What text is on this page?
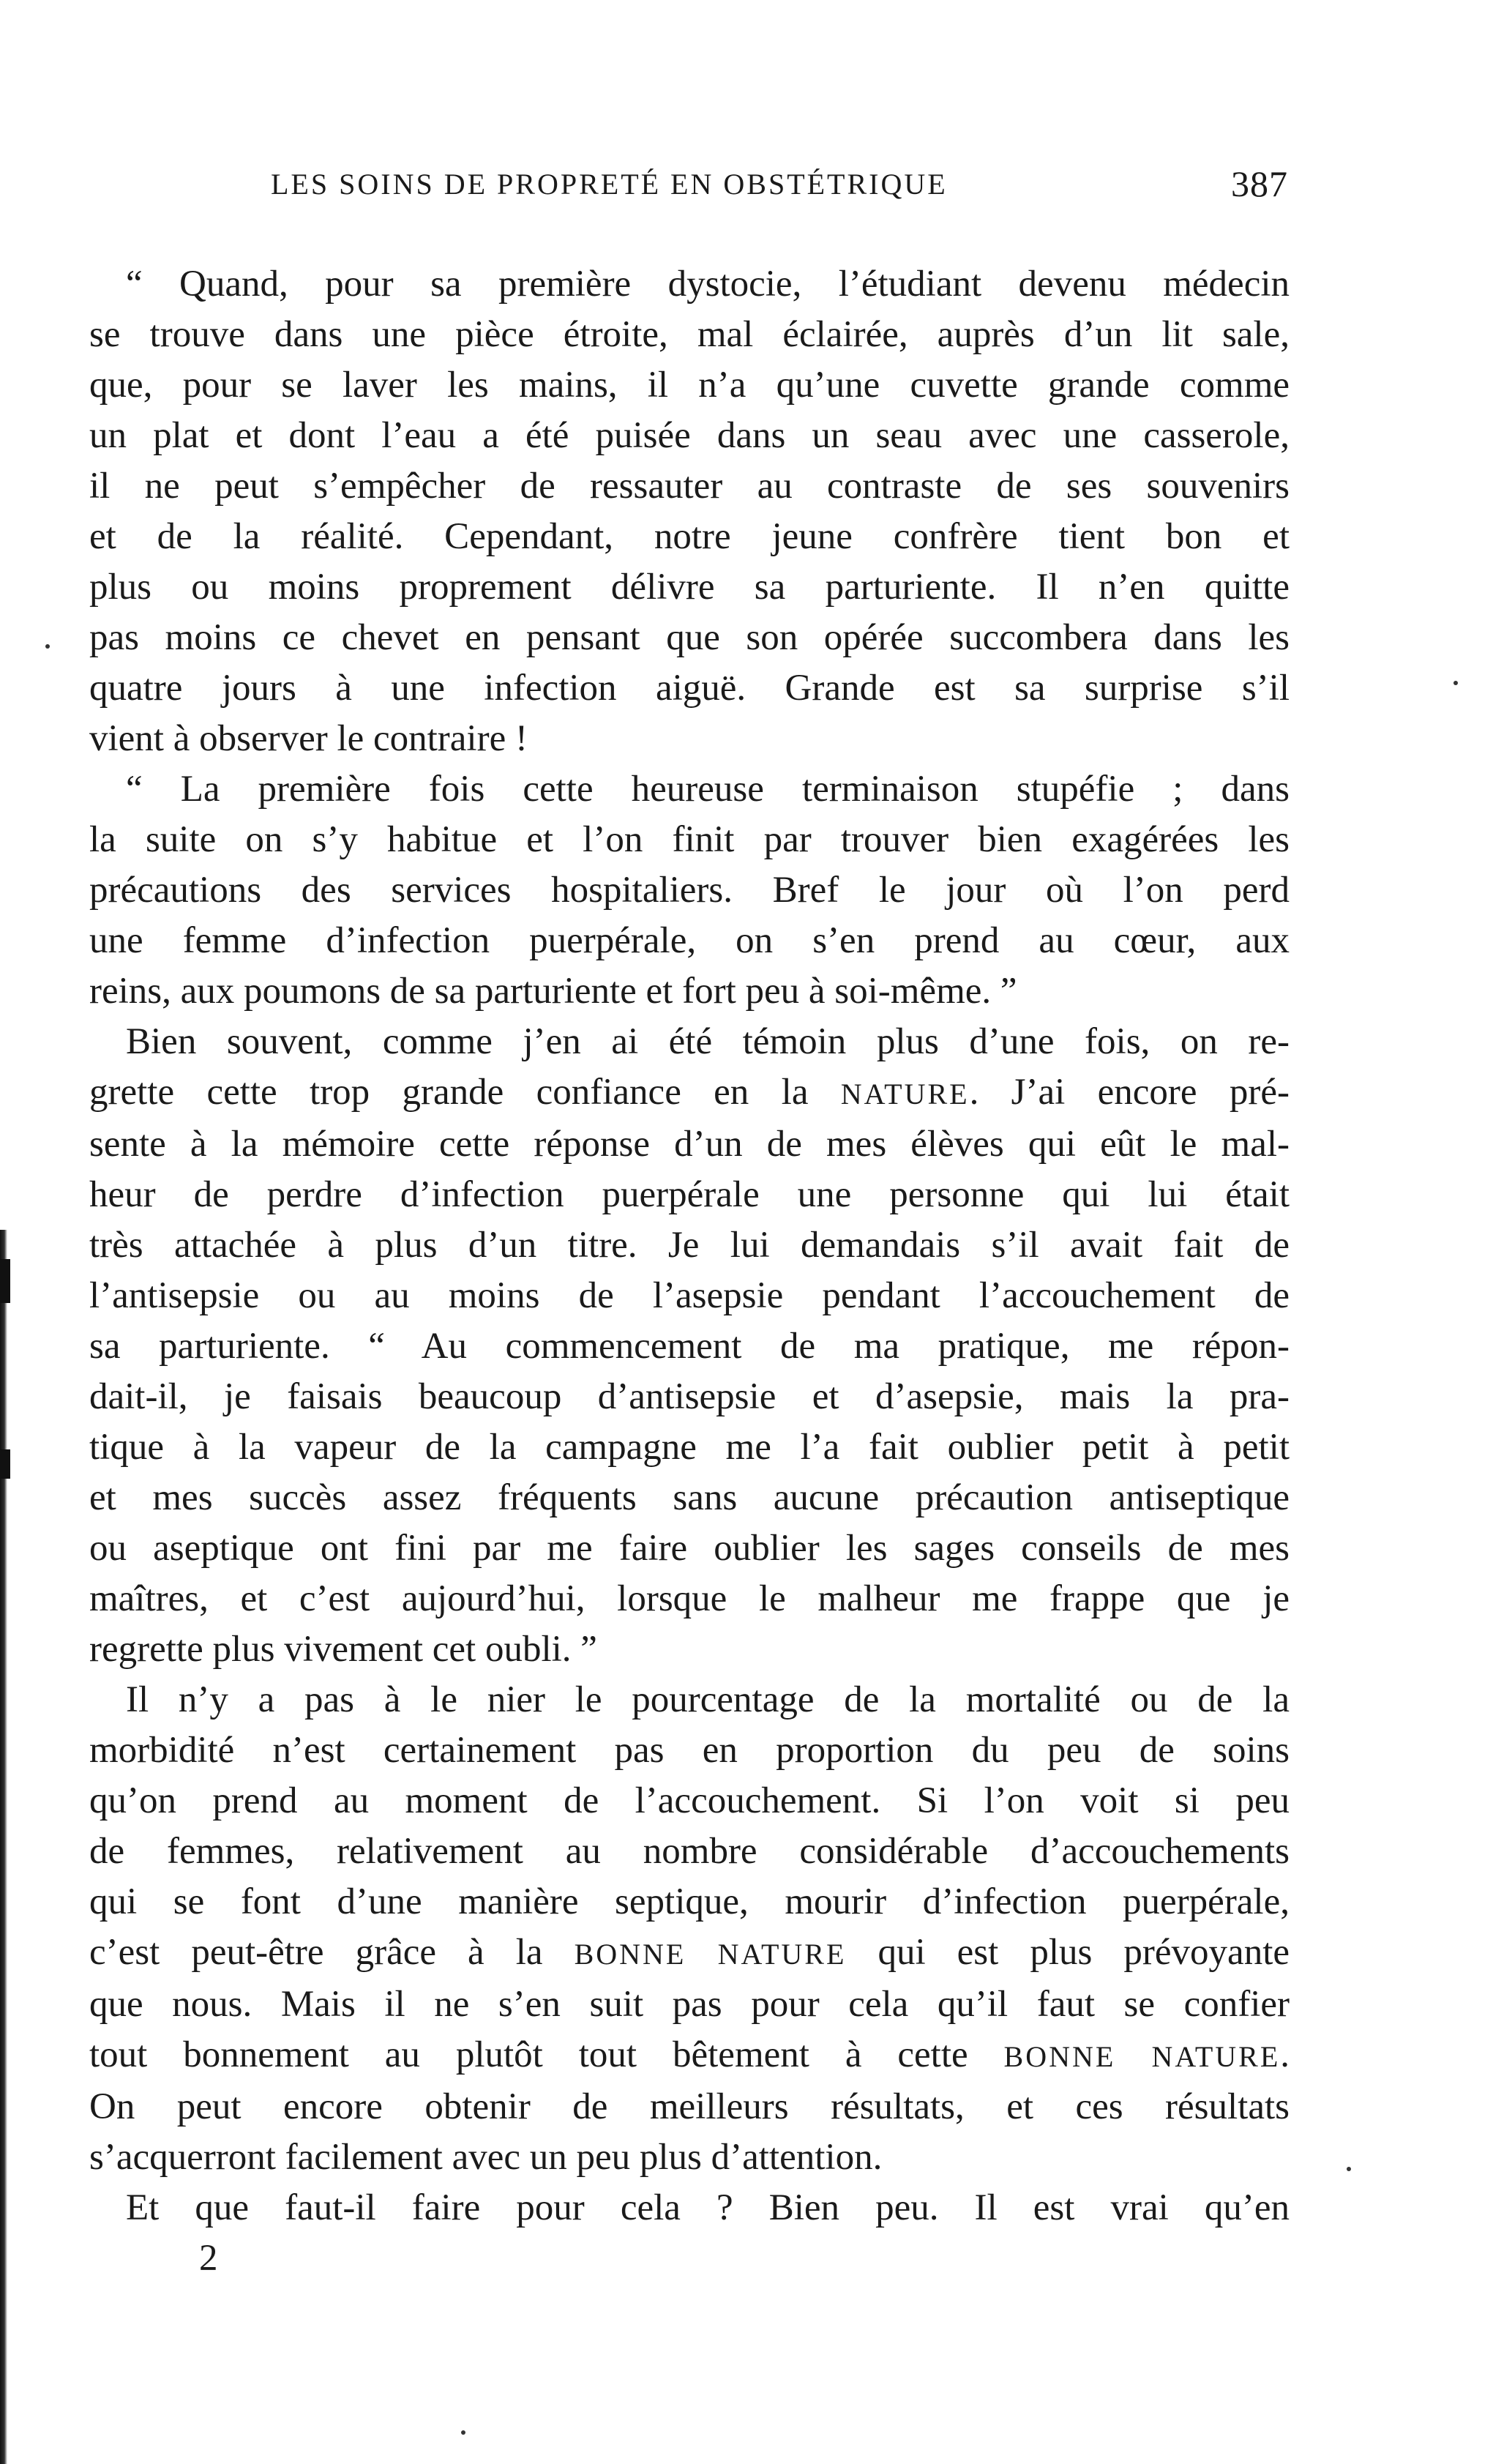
LES SOINS DE PROPRETÉ EN OBSTÉTRIQUE	387
“ Quand, pour sa première dystocie, l’étudiant devenu médecin
se trouve dans une pièce étroite, mal éclairée, auprès d’un lit sale,
que, pour se laver les mains, il n’a qu’une cuvette grande comme
un plat et dont l’eau a été puisée dans un seau avec une casserole,
il ne peut s’empêcher de ressauter au contraste de ses souvenirs
et de la réalité. Cependant, notre jeune confrère tient bon et
plus ou moins proprement délivre sa parturiente. Il n’en quitte
pas moins ce chevet en pensant que son opérée succombera dans les
quatre jours à une infection aiguë. Grande est sa surprise s’il
vient à observer le contraire !
“ La première fois cette heureuse terminaison stupéfie ; dans
la suite on s’y habitue et l’on finit par trouver bien exagérées les
précautions des services hospitaliers. Bref le jour où l’on perd
une femme d’infection puerpérale, on s’en prend au cœur, aux
reins, aux poumons de sa parturiente et fort peu à soi-même. ”
Bien souvent, comme j’en ai été témoin plus d’une fois, on re-
grette cette trop grande confiance en la NATURE. J’ai encore pré-
sente à la mémoire cette réponse d’un de mes élèves qui eût le mal-
heur de perdre d’infection puerpérale une personne qui lui était
très attachée à plus d’un titre. Je lui demandais s’il avait fait de
l’antisepsie ou au moins de l’asepsie pendant l’accouchement de
sa parturiente. “ Au commencement de ma pratique, me répon-
dait-il, je faisais beaucoup d’antisepsie et d’asepsie, mais la pra-
tique à la vapeur de la campagne me l’a fait oublier petit à petit
et mes succès assez fréquents sans aucune précaution antiseptique
ou aseptique ont fini par me faire oublier les sages conseils de mes
maîtres, et c’est aujourd’hui, lorsque le malheur me frappe que je
regrette plus vivement cet oubli. ”
Il n’y a pas à le nier le pourcentage de la mortalité ou de la
morbidité n’est certainement pas en proportion du peu de soins
qu’on prend au moment de l’accouchement. Si l’on voit si peu
de femmes, relativement au nombre considérable d’accouchements
qui se font d’une manière septique, mourir d’infection puerpérale,
c’est peut-être grâce à la BONNE NATURE qui est plus prévoyante
que nous. Mais il ne s’en suit pas pour cela qu’il faut se confier
tout bonnement au plutôt tout bêtement à cette BONNE NATURE.
On peut encore obtenir de meilleurs résultats, et ces résultats
s’acquerront facilement avec un peu plus d’attention.
Et que faut-il faire pour cela ? Bien peu. Il est vrai qu’en
2
